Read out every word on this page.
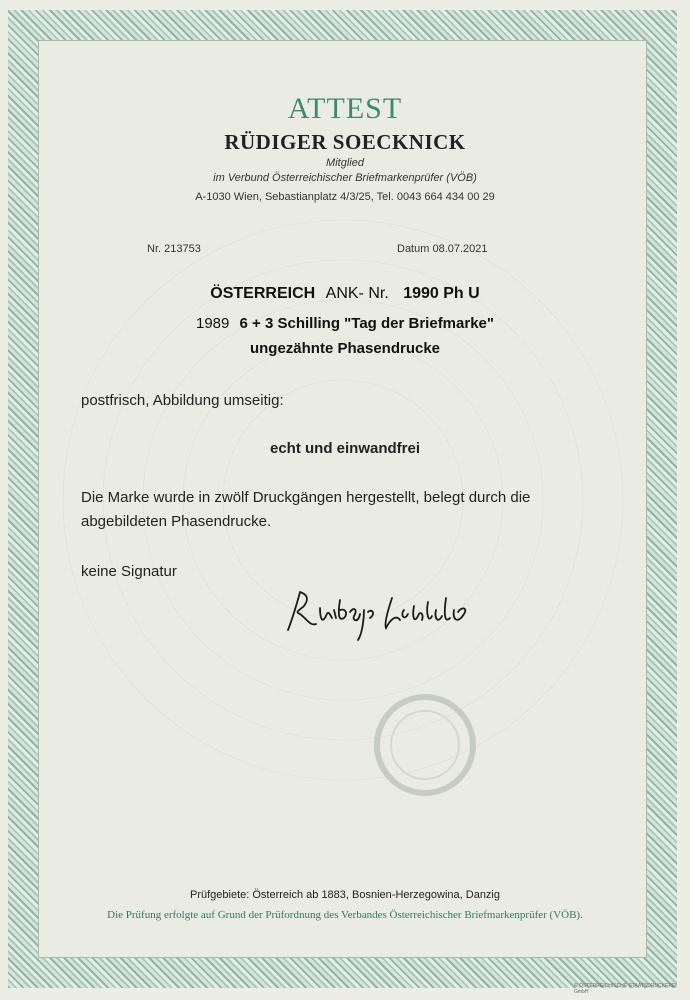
ATTEST
RÜDIGER SOECKNICK
Mitglied
im Verbund Österreichischer Briefmarkenprüfer (VÖB)
A-1030 Wien, Sebastianplatz 4/3/25, Tel. 0043 664 434 00 29
Nr. 213753	Datum 08.07.2021
ÖSTERREICH ANK- Nr. 1990 Ph U
1989 6 + 3 Schilling "Tag der Briefmarke"
ungezähnte Phasendrucke
postfrisch, Abbildung umseitig:
echt und einwandfrei
Die Marke wurde in zwölf Druckgängen hergestellt, belegt durch die
abgebildeten Phasendrucke.
keine Signatur
Prüfgebiete: Österreich ab 1883, Bosnien-Herzegowina, Danzig
Die Prüfung erfolgte auf Grund der Prüfordnung des Verbandes Österreichischer Briefmarkenprüfer (VÖB).
© ÖSTERREICHISCHE STAATSDRUCKEREI GmbH
